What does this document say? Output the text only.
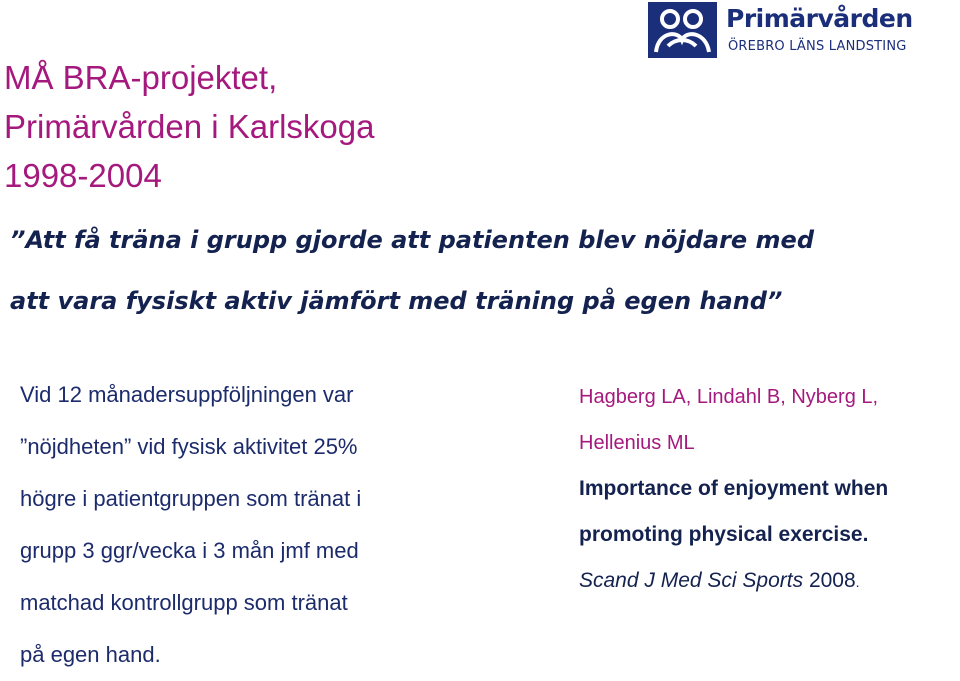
Primärvården
ÖREBRO LÄNS LANDSTING
MÅ BRA-projektet,
Primärvården i Karlskoga
1998-2004

”Att få träna i grupp gjorde att patienten blev nöjdare med
att vara fysiskt aktiv jämfört med träning på egen hand”

Vid 12 månadersuppföljningen var
”nöjdheten” vid fysisk aktivitet 25%
högre i patientgruppen som tränat i
grupp 3 ggr/vecka i 3 mån jmf med
matchad kontrollgrupp som tränat
på egen hand.

Hagberg LA, Lindahl B, Nyberg L,
Hellenius ML
Importance of enjoyment when
promoting physical exercise.
Scand J Med Sci Sports 2008.
